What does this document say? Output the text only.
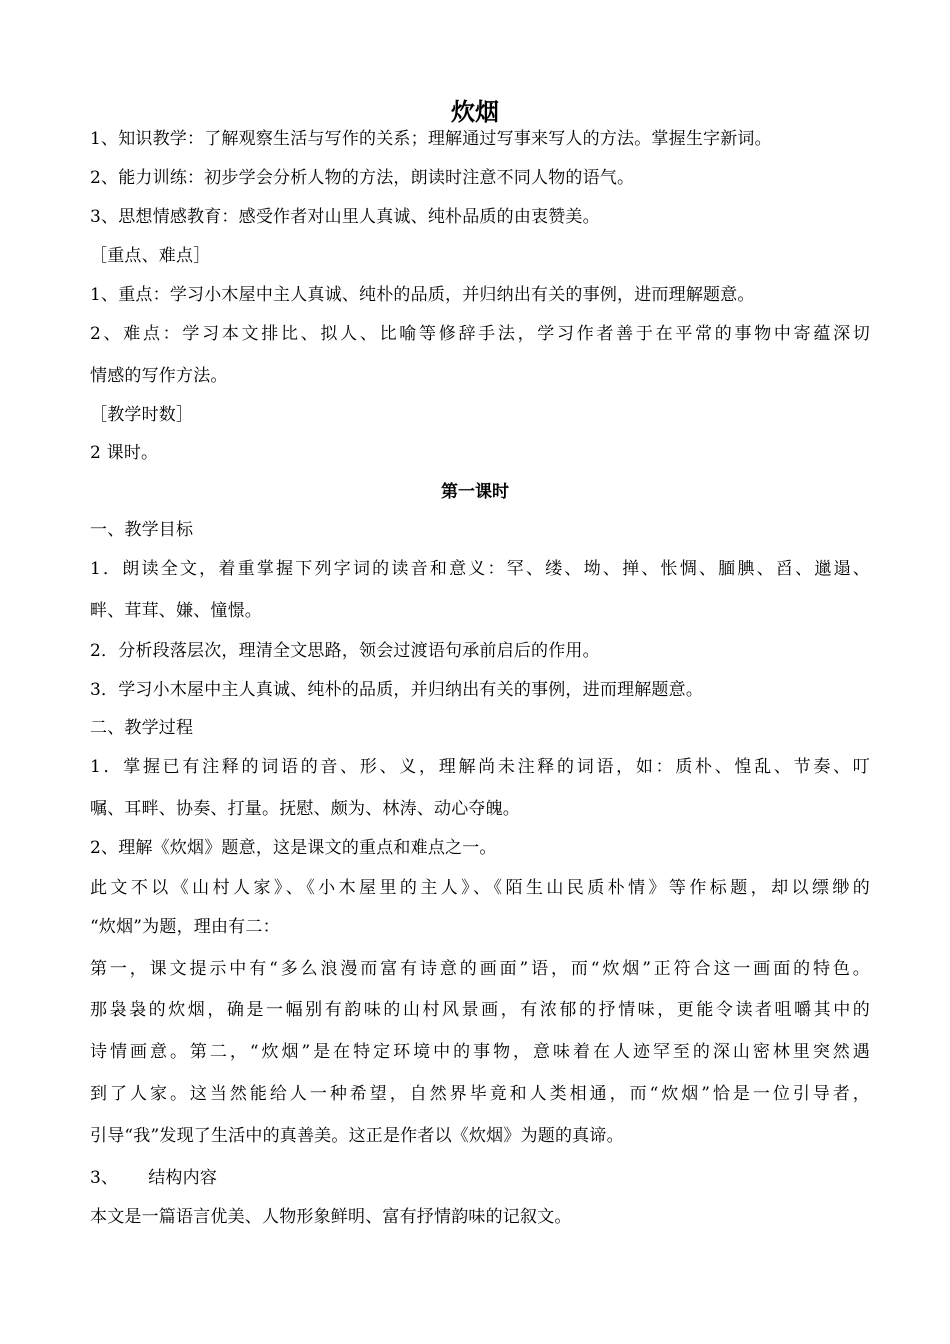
炊烟
1、知识教学：了解观察生活与写作的关系；理解通过写事来写人的方法。掌握生字新词。
2、能力训练：初步学会分析人物的方法，朗读时注意不同人物的语气。
3、思想情感教育：感受作者对山里人真诚、纯朴品质的由衷赞美。
［重点、难点］
1、重点：学习小木屋中主人真诚、纯朴的品质，并归纳出有关的事例，进而理解题意。
2、难点：学习本文排比、拟人、比喻等修辞手法，学习作者善于在平常的事物中寄蕴深切
情感的写作方法。
［教学时数］
2 课时。
第一课时
一、教学目标
1．朗读全文，着重掌握下列字词的读音和意义：罕、缕、坳、掸、怅惆、腼腆、舀、邋遢、
畔、茸茸、嫌、憧憬。
2．分析段落层次，理清全文思路，领会过渡语句承前启后的作用。
3．学习小木屋中主人真诚、纯朴的品质，并归纳出有关的事例，进而理解题意。
二、教学过程
1．掌握已有注释的词语的音、形、义，理解尚未注释的词语，如：质朴、惶乱、节奏、叮
嘱、耳畔、协奏、打量。抚慰、颇为、林涛、动心夺魄。
2、理解《炊烟》题意，这是课文的重点和难点之一。
此文不以《山村人家》、《小木屋里的主人》、《陌生山民质朴情》等作标题，却以缥缈的
“炊烟”为题，理由有二：
第一，课文提示中有“多么浪漫而富有诗意的画面”语，而“炊烟”正符合这一画面的特色。
那袅袅的炊烟，确是一幅别有韵味的山村风景画，有浓郁的抒情味，更能令读者咀嚼其中的
诗情画意。第二，“炊烟”是在特定环境中的事物，意味着在人迹罕至的深山密林里突然遇
到了人家。这当然能给人一种希望，自然界毕竟和人类相通，而“炊烟”恰是一位引导者，
引导“我”发现了生活中的真善美。这正是作者以《炊烟》为题的真谛。
3、 结构内容
本文是一篇语言优美、人物形象鲜明、富有抒情韵味的记叙文。
